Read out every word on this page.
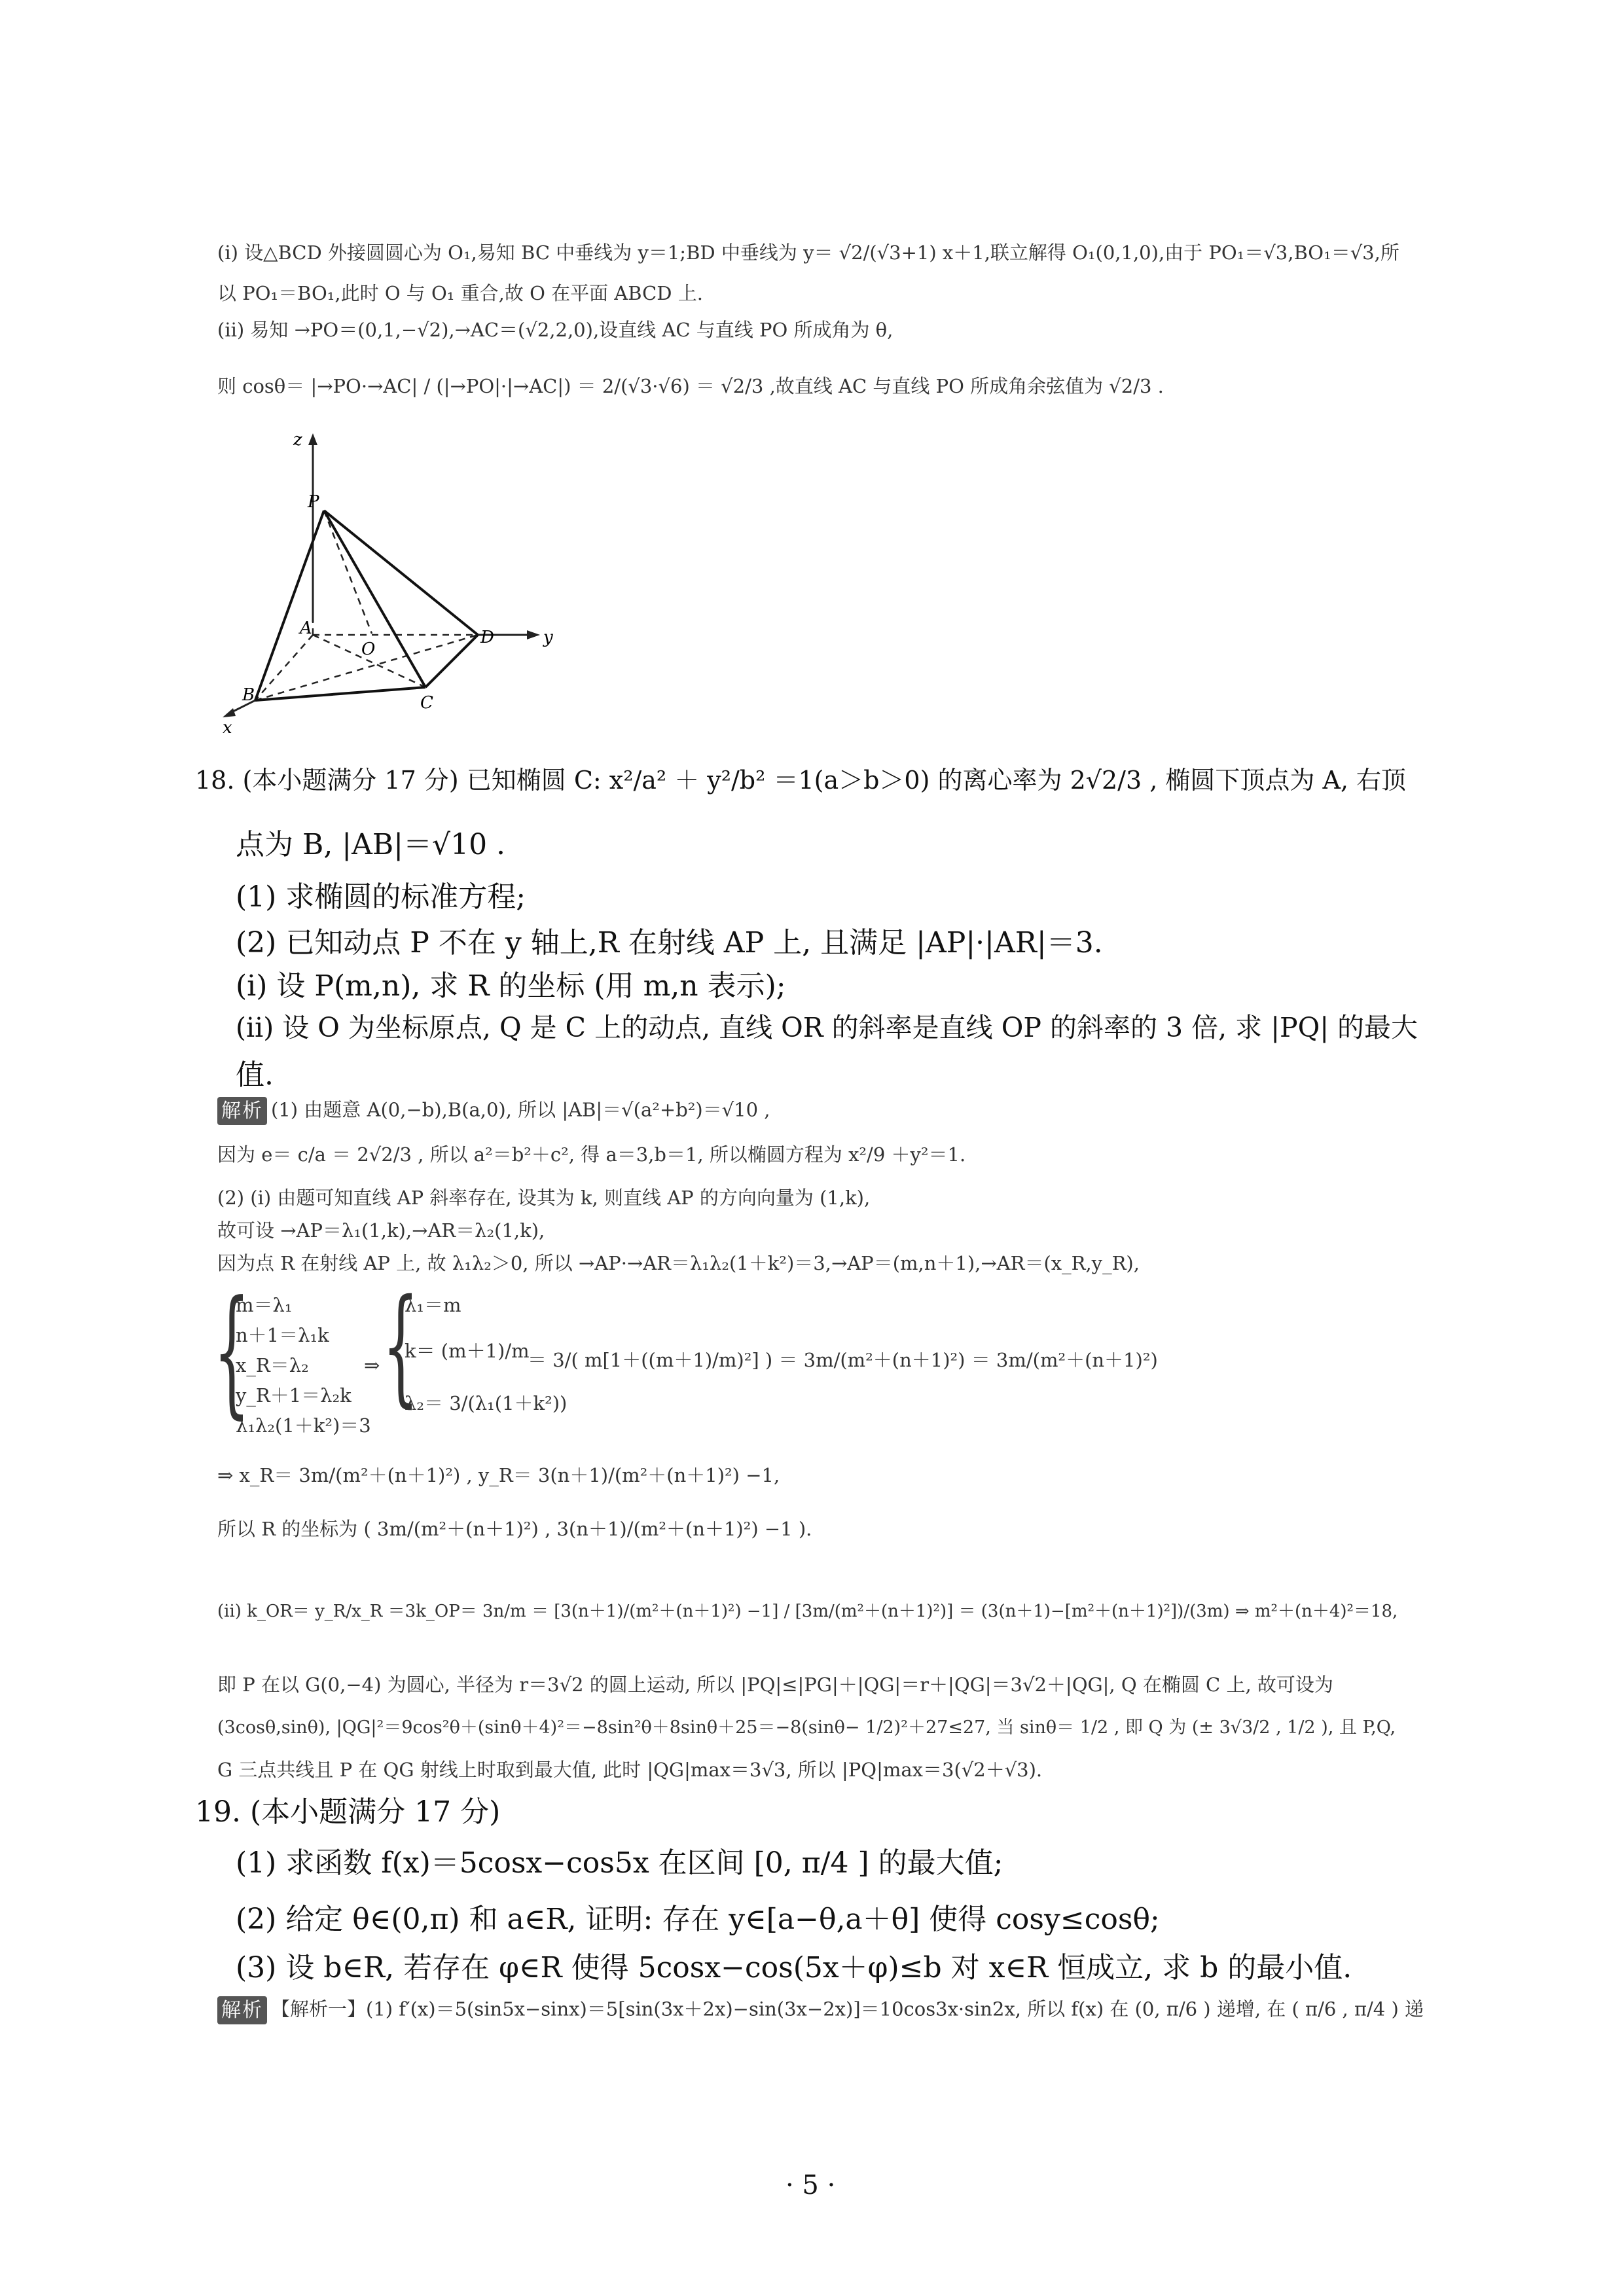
(i) 设△BCD 外接圆圆心为 O₁,易知 BC 中垂线为 y＝1;BD 中垂线为 y＝ √2/(√3+1) x＋1,联立解得 O₁(0,1,0),由于 PO₁＝√3,BO₁＝√3,所
以 PO₁＝BO₁,此时 O 与 O₁ 重合,故 O 在平面 ABCD 上.
(ii) 易知 →PO＝(0,1,−√2),→AC＝(√2,2,0),设直线 AC 与直线 PO 所成角为 θ,
则 cosθ＝ |→PO·→AC| / (|→PO|·|→AC|) ＝ 2/(√3·√6) ＝ √2/3 ,故直线 AC 与直线 PO 所成角余弦值为 √2/3 .
z
P
A
O
D	y
B
x
C
18. (本小题满分 17 分) 已知椭圆 C: x²/a² ＋ y²/b² ＝1(a＞b＞0) 的离心率为 2√2/3 , 椭圆下顶点为 A, 右顶
点为 B, |AB|＝√10 .
(1) 求椭圆的标准方程;
(2) 已知动点 P 不在 y 轴上,R 在射线 AP 上, 且满足 |AP|·|AR|＝3.
(i) 设 P(m,n), 求 R 的坐标 (用 m,n 表示);
(ii) 设 O 为坐标原点, Q 是 C 上的动点, 直线 OR 的斜率是直线 OP 的斜率的 3 倍, 求 |PQ| 的最大
值.
解析 (1) 由题意 A(0,−b),B(a,0), 所以 |AB|＝√(a²+b²)＝√10 ,
因为 e＝ c/a ＝ 2√2/3 , 所以 a²＝b²＋c², 得 a＝3,b＝1, 所以椭圆方程为 x²/9 ＋y²＝1.
(2) (i) 由题可知直线 AP 斜率存在, 设其为 k, 则直线 AP 的方向向量为 (1,k),
故可设 →AP＝λ₁(1,k),→AR＝λ₂(1,k),
因为点 R 在射线 AP 上, 故 λ₁λ₂＞0, 所以 →AP·→AR＝λ₁λ₂(1＋k²)＝3,→AP＝(m,n＋1),→AR＝(x_R,y_R),
{
m＝λ₁
n＋1＝λ₁k
x_R＝λ₂
y_R＋1＝λ₂k
λ₁λ₂(1＋k²)＝3
⇒ {
λ₁＝m
k＝ (m＋1)/m
λ₂＝ 3/(λ₁(1＋k²))
＝ 3/( m[1＋((m＋1)/m)²] ) ＝ 3m/(m²＋(n＋1)²) ＝ 3m/(m²＋(n＋1)²)
⇒ x_R＝ 3m/(m²＋(n＋1)²) , y_R＝ 3(n＋1)/(m²＋(n＋1)²) −1,
所以 R 的坐标为 ( 3m/(m²＋(n＋1)²) , 3(n＋1)/(m²＋(n＋1)²) −1 ).
(ii) k_OR＝ y_R/x_R ＝3k_OP＝ 3n/m ＝ [3(n＋1)/(m²＋(n＋1)²) −1] / [3m/(m²＋(n＋1)²)] ＝ (3(n＋1)−[m²＋(n＋1)²])/(3m) ⇒ m²＋(n＋4)²＝18,
即 P 在以 G(0,−4) 为圆心, 半径为 r＝3√2 的圆上运动, 所以 |PQ|≤|PG|＋|QG|＝r＋|QG|＝3√2＋|QG|, Q 在椭圆 C 上, 故可设为
(3cosθ,sinθ), |QG|²＝9cos²θ＋(sinθ＋4)²＝−8sin²θ＋8sinθ＋25＝−8(sinθ− 1/2)²＋27≤27, 当 sinθ＝ 1/2 , 即 Q 为 (± 3√3/2 , 1/2 ), 且 P,Q,
G 三点共线且 P 在 QG 射线上时取到最大值, 此时 |QG|max＝3√3, 所以 |PQ|max＝3(√2＋√3).
19. (本小题满分 17 分)
(1) 求函数 f(x)＝5cosx−cos5x 在区间 [0, π/4 ] 的最大值;
(2) 给定 θ∈(0,π) 和 a∈R, 证明: 存在 y∈[a−θ,a＋θ] 使得 cosy≤cosθ;
(3) 设 b∈R, 若存在 φ∈R 使得 5cosx−cos(5x＋φ)≤b 对 x∈R 恒成立, 求 b 的最小值.
解析 【解析一】(1) f′(x)＝5(sin5x−sinx)＝5[sin(3x＋2x)−sin(3x−2x)]＝10cos3x·sin2x, 所以 f(x) 在 (0, π/6 ) 递增, 在 ( π/6 , π/4 ) 递
· 5 ·
